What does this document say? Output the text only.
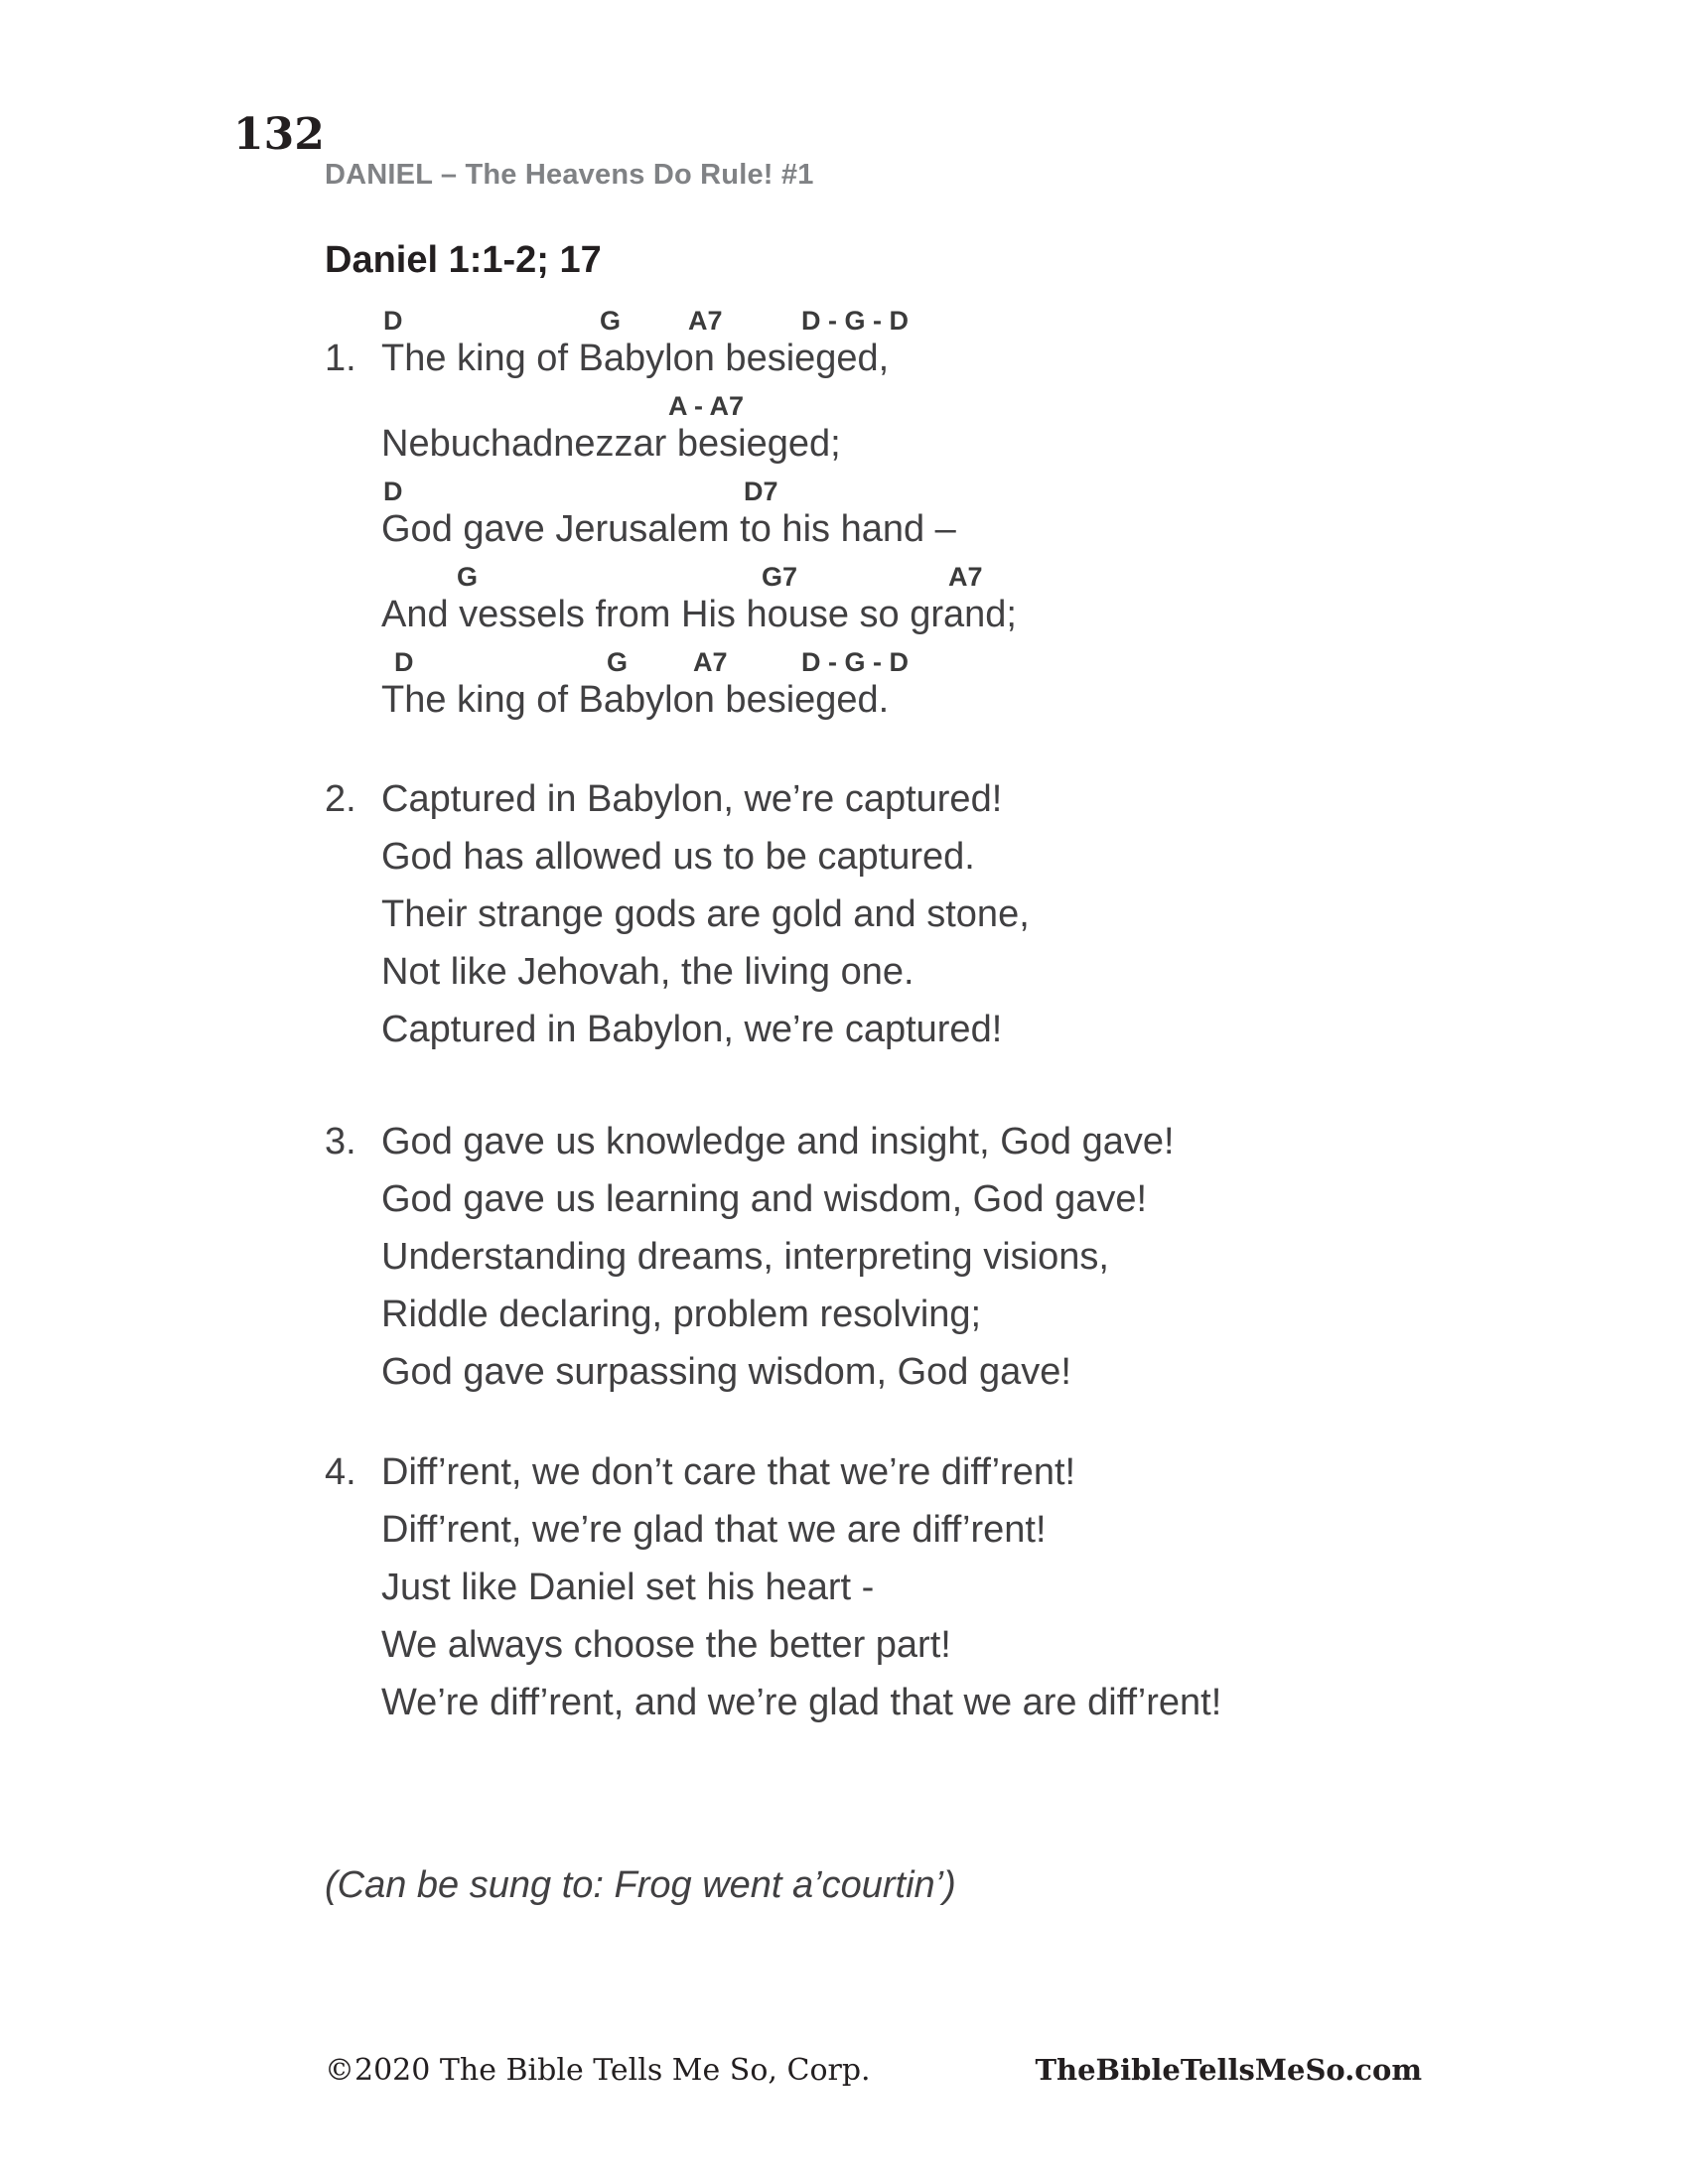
132
DANIEL – The Heavens Do Rule! #1
Daniel 1:1-2; 17
D	G	A7	D - G - D
1. The king of Babylon besieged,
A - A7
Nebuchadnezzar besieged;
D	D7
God gave Jerusalem to his hand –
G	G7	A7
And vessels from His house so grand;
D	G A7	D - G - D
The king of Babylon besieged.
2. Captured in Babylon, we’re captured!
God has allowed us to be captured.
Their strange gods are gold and stone,
Not like Jehovah, the living one.
Captured in Babylon, we’re captured!
3. God gave us knowledge and insight, God gave!
God gave us learning and wisdom, God gave!
Understanding dreams, interpreting visions,
Riddle declaring, problem resolving;
God gave surpassing wisdom, God gave!
4. Diff’rent, we don’t care that we’re diff’rent!
Diff’rent, we’re glad that we are diff’rent!
Just like Daniel set his heart -
We always choose the better part!
We’re diff’rent, and we’re glad that we are diff’rent!
(Can be sung to: Frog went a’courtin’)
©2020 The Bible Tells Me So, Corp.	TheBibleTellsMeSo.com
